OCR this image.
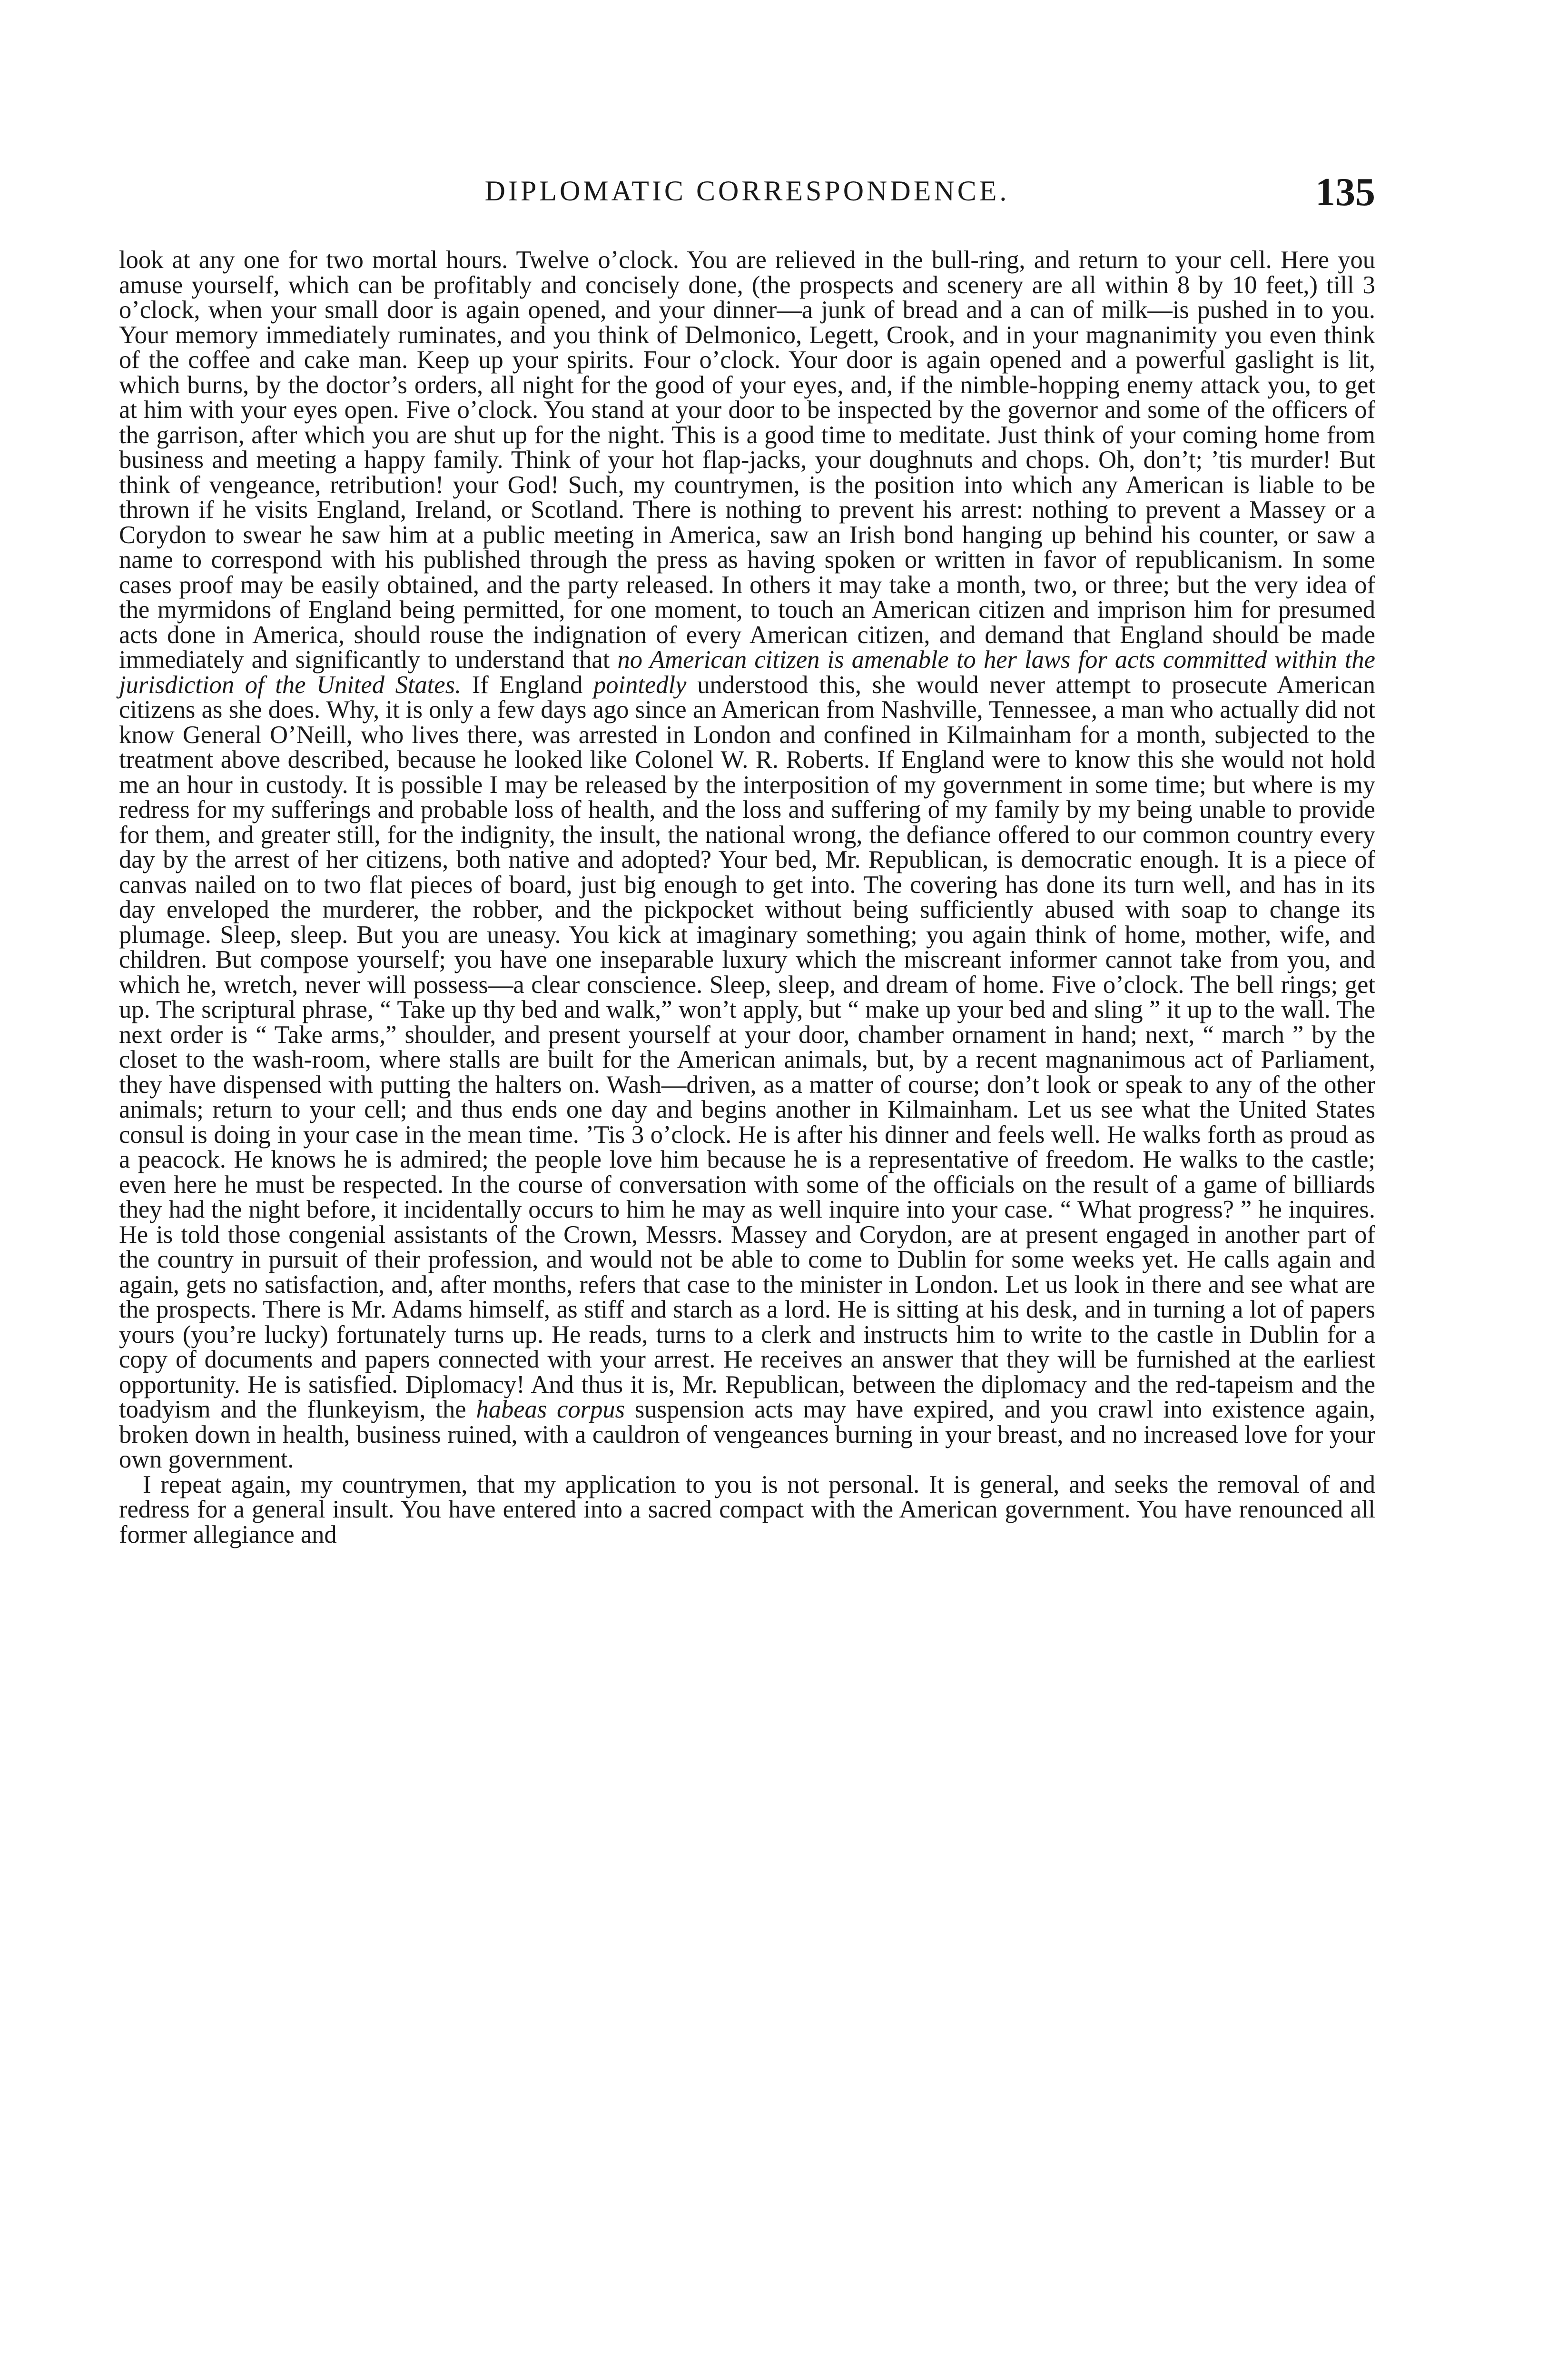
DIPLOMATIC CORRESPONDENCE.	135

look at any one for two mortal hours. Twelve o’clock. You are relieved in the bull-ring, and return to your cell. Here you amuse yourself, which can be profitably and concisely done, (the prospects and scenery are all within 8 by 10 feet,) till 3 o’clock, when your small door is again opened, and your dinner—a junk of bread and a can of milk—is pushed in to you. Your memory immediately ruminates, and you think of Delmonico, Legett, Crook, and in your magnanimity you even think of the coffee and cake man. Keep up your spirits. Four o’clock. Your door is again opened and a powerful gaslight is lit, which burns, by the doctor’s orders, all night for the good of your eyes, and, if the nimble-hopping enemy attack you, to get at him with your eyes open. Five o’clock. You stand at your door to be inspected by the governor and some of the officers of the garrison, after which you are shut up for the night. This is a good time to meditate. Just think of your coming home from business and meeting a happy family. Think of your hot flap-jacks, your doughnuts and chops. Oh, don’t; ’tis murder! But think of vengeance, retribution! your God! Such, my countrymen, is the position into which any American is liable to be thrown if he visits England, Ireland, or Scotland. There is nothing to prevent his arrest: nothing to prevent a Massey or a Corydon to swear he saw him at a public meeting in America, saw an Irish bond hanging up behind his counter, or saw a name to correspond with his published through the press as having spoken or written in favor of republicanism. In some cases proof may be easily obtained, and the party released. In others it may take a month, two, or three; but the very idea of the myrmidons of England being permitted, for one moment, to touch an American citizen and imprison him for presumed acts done in America, should rouse the indignation of every American citizen, and demand that England should be made immediately and significantly to understand that no American citizen is amenable to her laws for acts committed within the jurisdiction of the United States. If England pointedly understood this, she would never attempt to prosecute American citizens as she does. Why, it is only a few days ago since an American from Nashville, Tennessee, a man who actually did not know General O’Neill, who lives there, was arrested in London and confined in Kilmainham for a month, subjected to the treatment above described, because he looked like Colonel W. R. Roberts. If England were to know this she would not hold me an hour in custody. It is possible I may be released by the interposition of my government in some time; but where is my redress for my sufferings and probable loss of health, and the loss and suffering of my family by my being unable to provide for them, and greater still, for the indignity, the insult, the national wrong, the defiance offered to our common country every day by the arrest of her citizens, both native and adopted? Your bed, Mr. Republican, is democratic enough. It is a piece of canvas nailed on to two flat pieces of board, just big enough to get into. The covering has done its turn well, and has in its day enveloped the murderer, the robber, and the pickpocket without being sufficiently abused with soap to change its plumage. Sleep, sleep. But you are uneasy. You kick at imaginary something; you again think of home, mother, wife, and children. But compose yourself; you have one inseparable luxury which the miscreant informer cannot take from you, and which he, wretch, never will possess—a clear conscience. Sleep, sleep, and dream of home. Five o’clock. The bell rings; get up. The scriptural phrase, “ Take up thy bed and walk,” won’t apply, but “ make up your bed and sling ” it up to the wall. The next order is “ Take arms,” shoulder, and present yourself at your door, chamber ornament in hand; next, “ march ” by the closet to the wash-room, where stalls are built for the American animals, but, by a recent magnanimous act of Parliament, they have dispensed with putting the halters on. Wash—driven, as a matter of course; don’t look or speak to any of the other animals; return to your cell; and thus ends one day and begins another in Kilmainham. Let us see what the United States consul is doing in your case in the mean time. ’Tis 3 o’clock. He is after his dinner and feels well. He walks forth as proud as a peacock. He knows he is admired; the people love him because he is a representative of freedom. He walks to the castle; even here he must be respected. In the course of conversation with some of the officials on the result of a game of billiards they had the night before, it incidentally occurs to him he may as well inquire into your case. “ What progress? ” he inquires. He is told those congenial assistants of the Crown, Messrs. Massey and Corydon, are at present engaged in another part of the country in pursuit of their profession, and would not be able to come to Dublin for some weeks yet. He calls again and again, gets no satisfaction, and, after months, refers that case to the minister in London. Let us look in there and see what are the prospects. There is Mr. Adams himself, as stiff and starch as a lord. He is sitting at his desk, and in turning a lot of papers yours (you’re lucky) fortunately turns up. He reads, turns to a clerk and instructs him to write to the castle in Dublin for a copy of documents and papers connected with your arrest. He receives an answer that they will be furnished at the earliest opportunity. He is satisfied. Diplomacy! And thus it is, Mr. Republican, between the diplomacy and the red-tapeism and the toadyism and the flunkeyism, the habeas corpus suspension acts may have expired, and you crawl into existence again, broken down in health, business ruined, with a cauldron of vengeances burning in your breast, and no increased love for your own government.

I repeat again, my countrymen, that my application to you is not personal. It is general, and seeks the removal of and redress for a general insult. You have entered into a sacred compact with the American government. You have renounced all former allegiance and
